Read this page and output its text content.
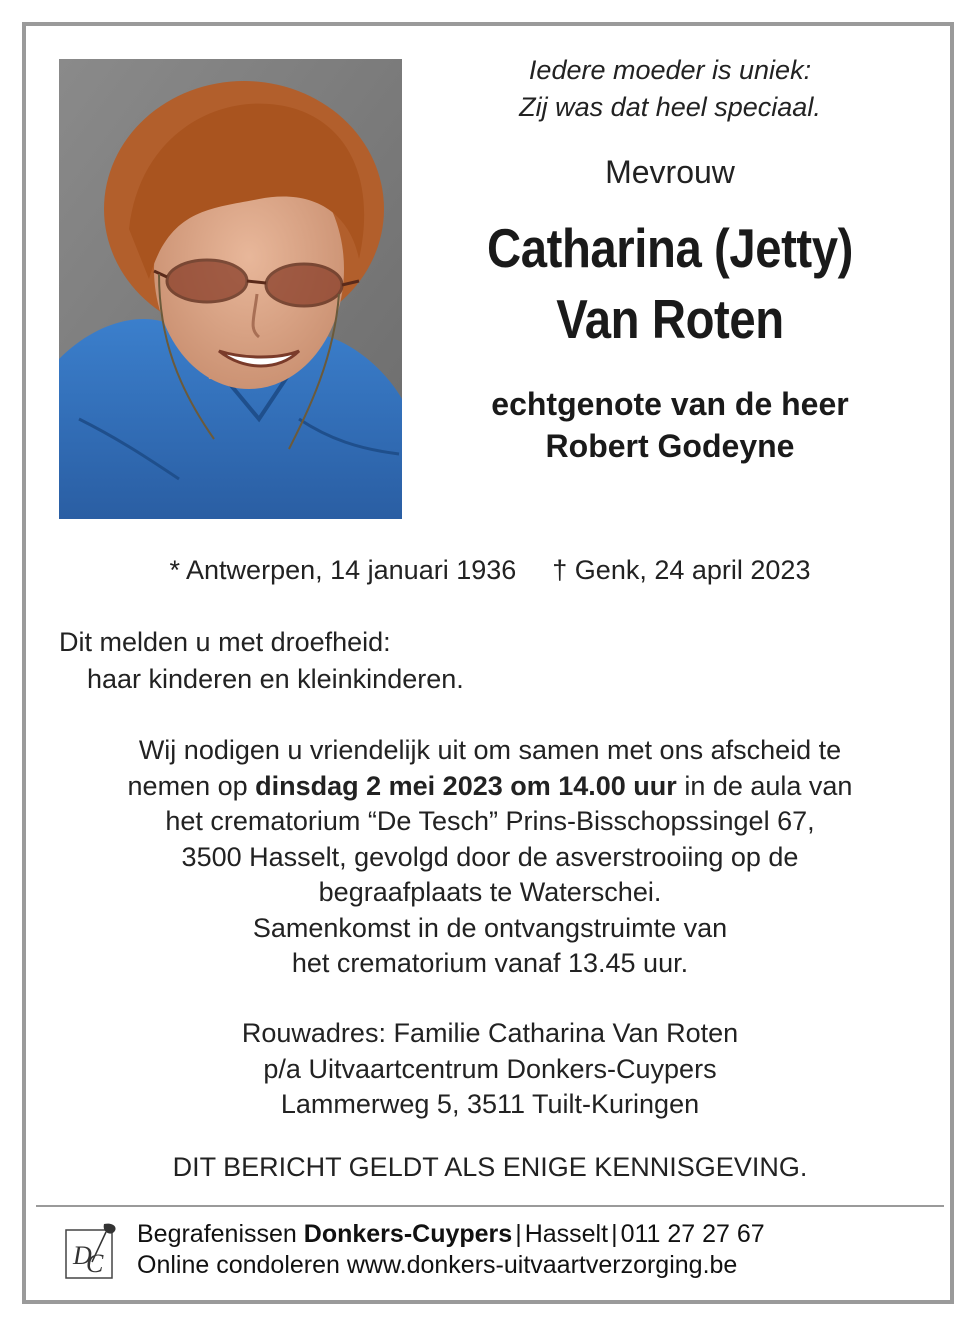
Iedere moeder is uniek:
Zij was dat heel speciaal.
Mevrouw
Catharina (Jetty)
Van Roten
echtgenote van de heer
Robert Godeyne
* Antwerpen, 14 januari 1936 † Genk, 24 april 2023
Dit melden u met droefheid:
haar kinderen en kleinkinderen.
Wij nodigen u vriendelijk uit om samen met ons afscheid te
nemen op dinsdag 2 mei 2023 om 14.00 uur in de aula van
het crematorium “De Tesch” Prins-Bisschopssingel 67,
3500 Hasselt, gevolgd door de asverstrooiing op de
begraafplaats te Waterschei.
Samenkomst in de ontvangstruimte van
het crematorium vanaf 13.45 uur.
Rouwadres: Familie Catharina Van Roten
p/a Uitvaartcentrum Donkers-Cuypers
Lammerweg 5, 3511 Tuilt-Kuringen
DIT BERICHT GELDT ALS ENIGE KENNISGEVING.
D
C
Begrafenissen Donkers-Cuypers | Hasselt | 011 27 27 67
Online condoleren www.donkers-uitvaartverzorging.be
